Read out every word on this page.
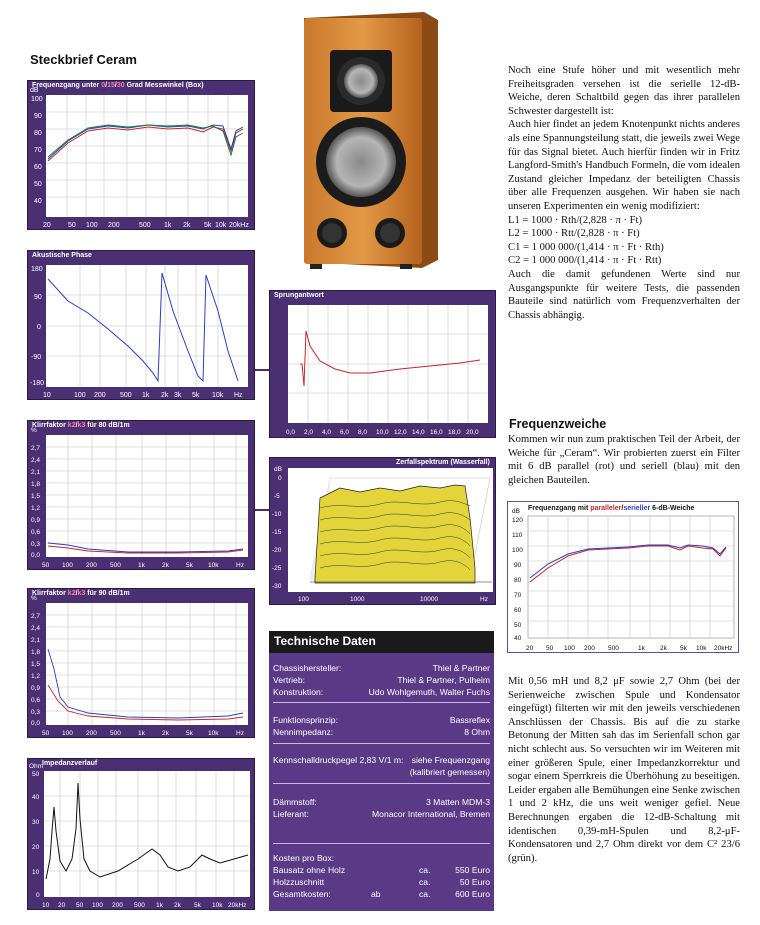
Steckbrief Ceram
Frequenzgang unter 0/15/30 Grad Messwinkel (Box)
dB
100
90
80
70
60
50
40
20 50 100 200	500 1k 2k 5k 10k 20kHz
Akustische Phase
180
90
0
-90
-180
10	100 200 500 1k 2k 3k 5k 10k Hz
Sprungantwort
0,0 2,0 4,0 6,0 8,0 10,0 12,0 14,0 16,0 18,0 20,0
Klirrfaktor k2/k3 für 80 dB/1m
%
2,7
2,4
2,1
1,8
1,5
1,2
0,9
0,6
0,3
0,0
50 100 200 500	1k	2k	5k 10k	Hz
Zerfallspektrum (Wasserfall)
dB
0
-5
-10
-15
-20
-25
-30
100	1000	10000	Hz
Klirrfaktor k2/k3 für 90 dB/1m
%
2,7
2,4
2,1
1,8
1,5
1,2
0,9
0,6
0,3
0,0
50 100 200 500	1k	2k	5k 10k	Hz
Impedanzverlauf
Ohm
50
40
30
20
10
0
10 20 50 100 200 500 1k 2k 5k 10k 20kHz
Technische Daten
Chassishersteller:	Thiel & Partner
Vertrieb:	Thiel & Partner, Pulheim
Konstruktion:	Udo Wohlgemuth, Walter Fuchs
Funktionsprinzip:	Bassreflex
Nennimpedanz:	8 Ohm
Kennschalldruckpegel 2,83 V/1 m: siehe Frequenzgang
(kalibriert gemessen)
Dämmstoff:	3 Matten MDM-3
Lieferant:	Monacor International, Bremen
Kosten pro Box:
Bausatz ohne Holz	ca.	550 Euro
Holzzuschnitt	ca.	50 Euro
Gesamtkosten:	ab	ca.	600 Euro

Noch eine Stufe höher und mit wesentlich mehr Freiheitsgraden versehen ist die serielle 12-dB-Weiche, deren Schaltbild gegen das ihrer parallelen Schwester dargestellt ist:

Auch hier findet an jedem Knotenpunkt nichts anderes als eine Spannungsteilung statt, die jeweils zwei Wege für das Signal bietet. Auch hierfür finden wir in Fritz Langford-Smith's Handbuch Formeln, die vom idealen Zustand gleicher Impedanz der beteiligten Chassis über alle Frequenzen ausgehen. Wir haben sie nach unseren Experimenten ein wenig modifiziert:

L1 = 1000 · Rth/(2,828 · π · Ft)

L2 = 1000 · Rtt/(2,828 · π · Ft)

C1 = 1 000 000/(1,414 · π · Ft · Rth)

C2 = 1 000 000/(1,414 · π · Ft · Rtt)

Auch die damit gefundenen Werte sind nur Ausgangspunkte für weitere Tests, die passenden Bauteile sind natürlich vom Frequenzverhalten der Chassis abhängig.

Frequenzweiche

Kommen wir nun zum praktischen Teil der Arbeit, der Weiche für „Ceram“. Wir probierten zuerst ein Filter mit 6 dB parallel (rot) und seriell (blau) mit den gleichen Bauteilen.

Frequenzgang mit paralleler/serieller 6-dB-Weiche
dB
120
110
100
90
80
70
60
50
40
20 50 100 200 500	1k 2k 5k 10k 20kHz

Mit 0,56 mH und 8,2 μF sowie 2,7 Ohm (bei der Serienweiche zwischen Spule und Kondensator eingefügt) filterten wir mit den jeweils verschiedenen Anschlüssen der Chassis. Bis auf die zu starke Betonung der Mitten sah das im Serienfall schon gar nicht schlecht aus. So versuchten wir im Weiteren mit einer größeren Spule, einer Impedanzkorrektur und sogar einem Sperrkreis die Überhöhung zu beseitigen. Leider ergaben alle Bemühungen eine Senke zwischen 1 und 2 kHz, die uns weit weniger gefiel. Neue Berechnungen ergaben die 12-dB-Schaltung mit identischen 0,39-mH-Spulen und 8,2-μF-Kondensatoren und 2,7 Ohm direkt vor dem C² 23/6 (grün).
